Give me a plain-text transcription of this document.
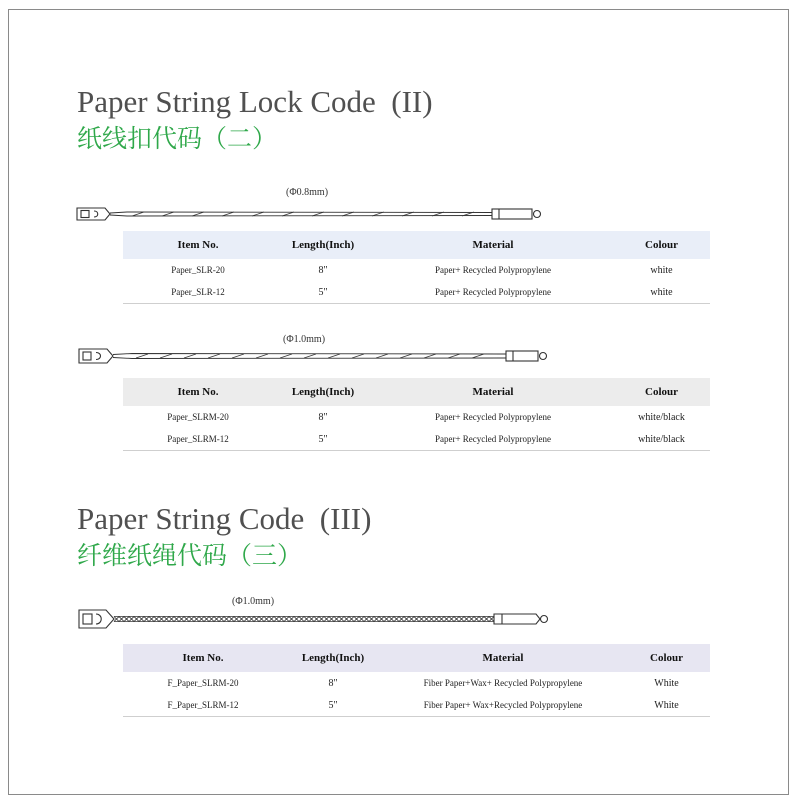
Paper String Lock Code  (II)
纸线扣代码（二）
(Φ0.8mm)
Item No.	Length(Inch)	Material	Colour
Paper_SLR-20	8"	Paper+ Recycled Polypropylene	white
Paper_SLR-12	5"	Paper+ Recycled Polypropylene	white
(Φ1.0mm)
Item No.	Length(Inch)	Material	Colour
Paper_SLRM-20	8"	Paper+ Recycled Polypropylene	white/black
Paper_SLRM-12	5"	Paper+ Recycled Polypropylene	white/black
Paper String Code  (III)
纤维纸绳代码（三）
(Φ1.0mm)
Item No.	Length(Inch)	Material	Colour
F_Paper_SLRM-20	8"	Fiber Paper+Wax+ Recycled Polypropylene	White
F_Paper_SLRM-12	5"	Fiber Paper+ Wax+Recycled Polypropylene	White
